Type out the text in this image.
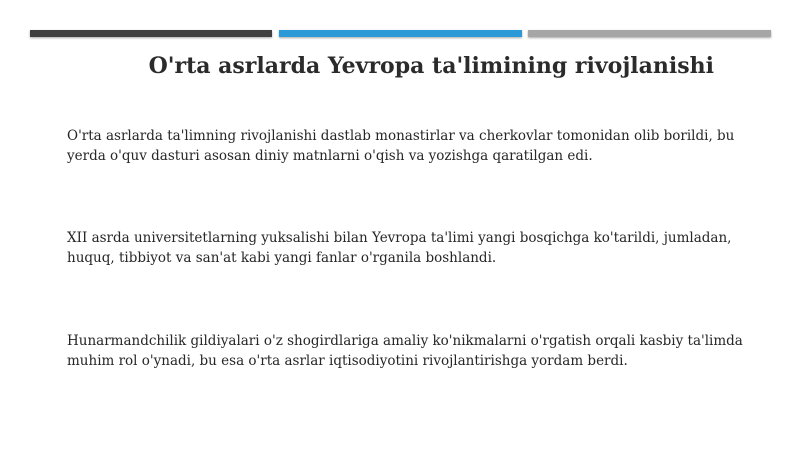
O'rta asrlarda Yevropa ta'limining rivojlanishi

O'rta asrlarda ta'limning rivojlanishi dastlab monastirlar va cherkovlar tomonidan olib borildi, bu yerda o'quv dasturi asosan diniy matnlarni o'qish va yozishga qaratilgan edi.

XII asrda universitetlarning yuksalishi bilan Yevropa ta'limi yangi bosqichga ko'tarildi, jumladan, huquq, tibbiyot va san'at kabi yangi fanlar o'rganila boshlandi.

Hunarmandchilik gildiyalari o'z shogirdlariga amaliy ko'nikmalarni o'rgatish orqali kasbiy ta'limda muhim rol o'ynadi, bu esa o'rta asrlar iqtisodiyotini rivojlantirishga yordam berdi.
